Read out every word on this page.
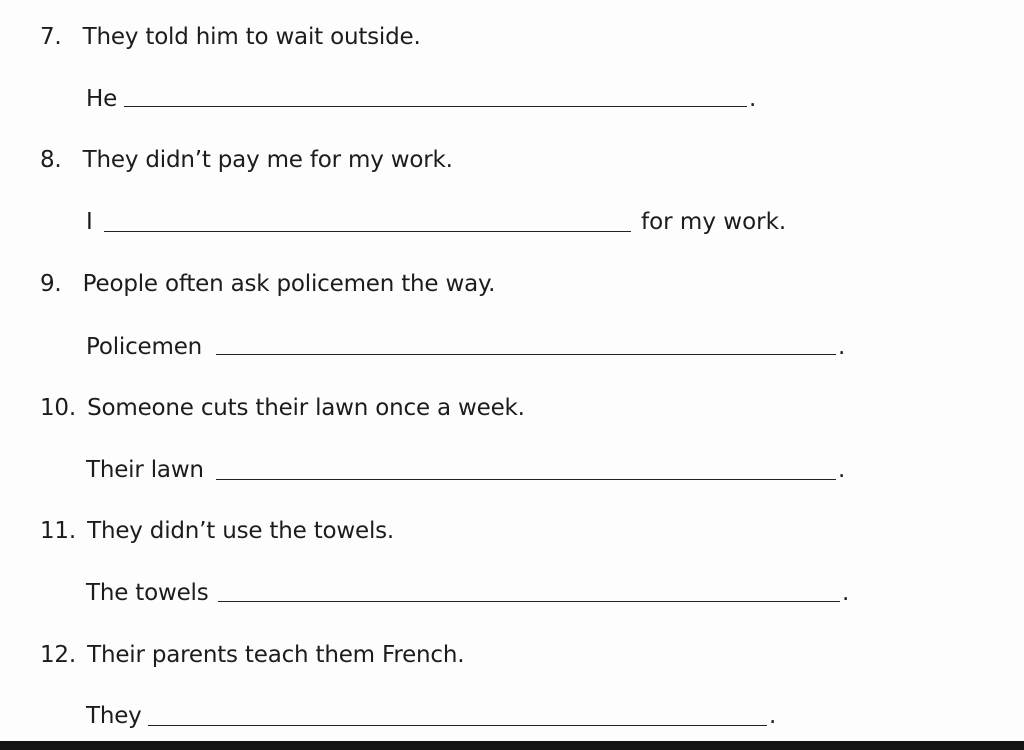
7. They told him to wait outside.
He	.
8. They didn’t pay me for my work.
I	for my work.
9. People often ask policemen the way.
Policemen	.
10. Someone cuts their lawn once a week.
Their lawn	.
11. They didn’t use the towels.
The towels	.
12. Their parents teach them French.
They	.
